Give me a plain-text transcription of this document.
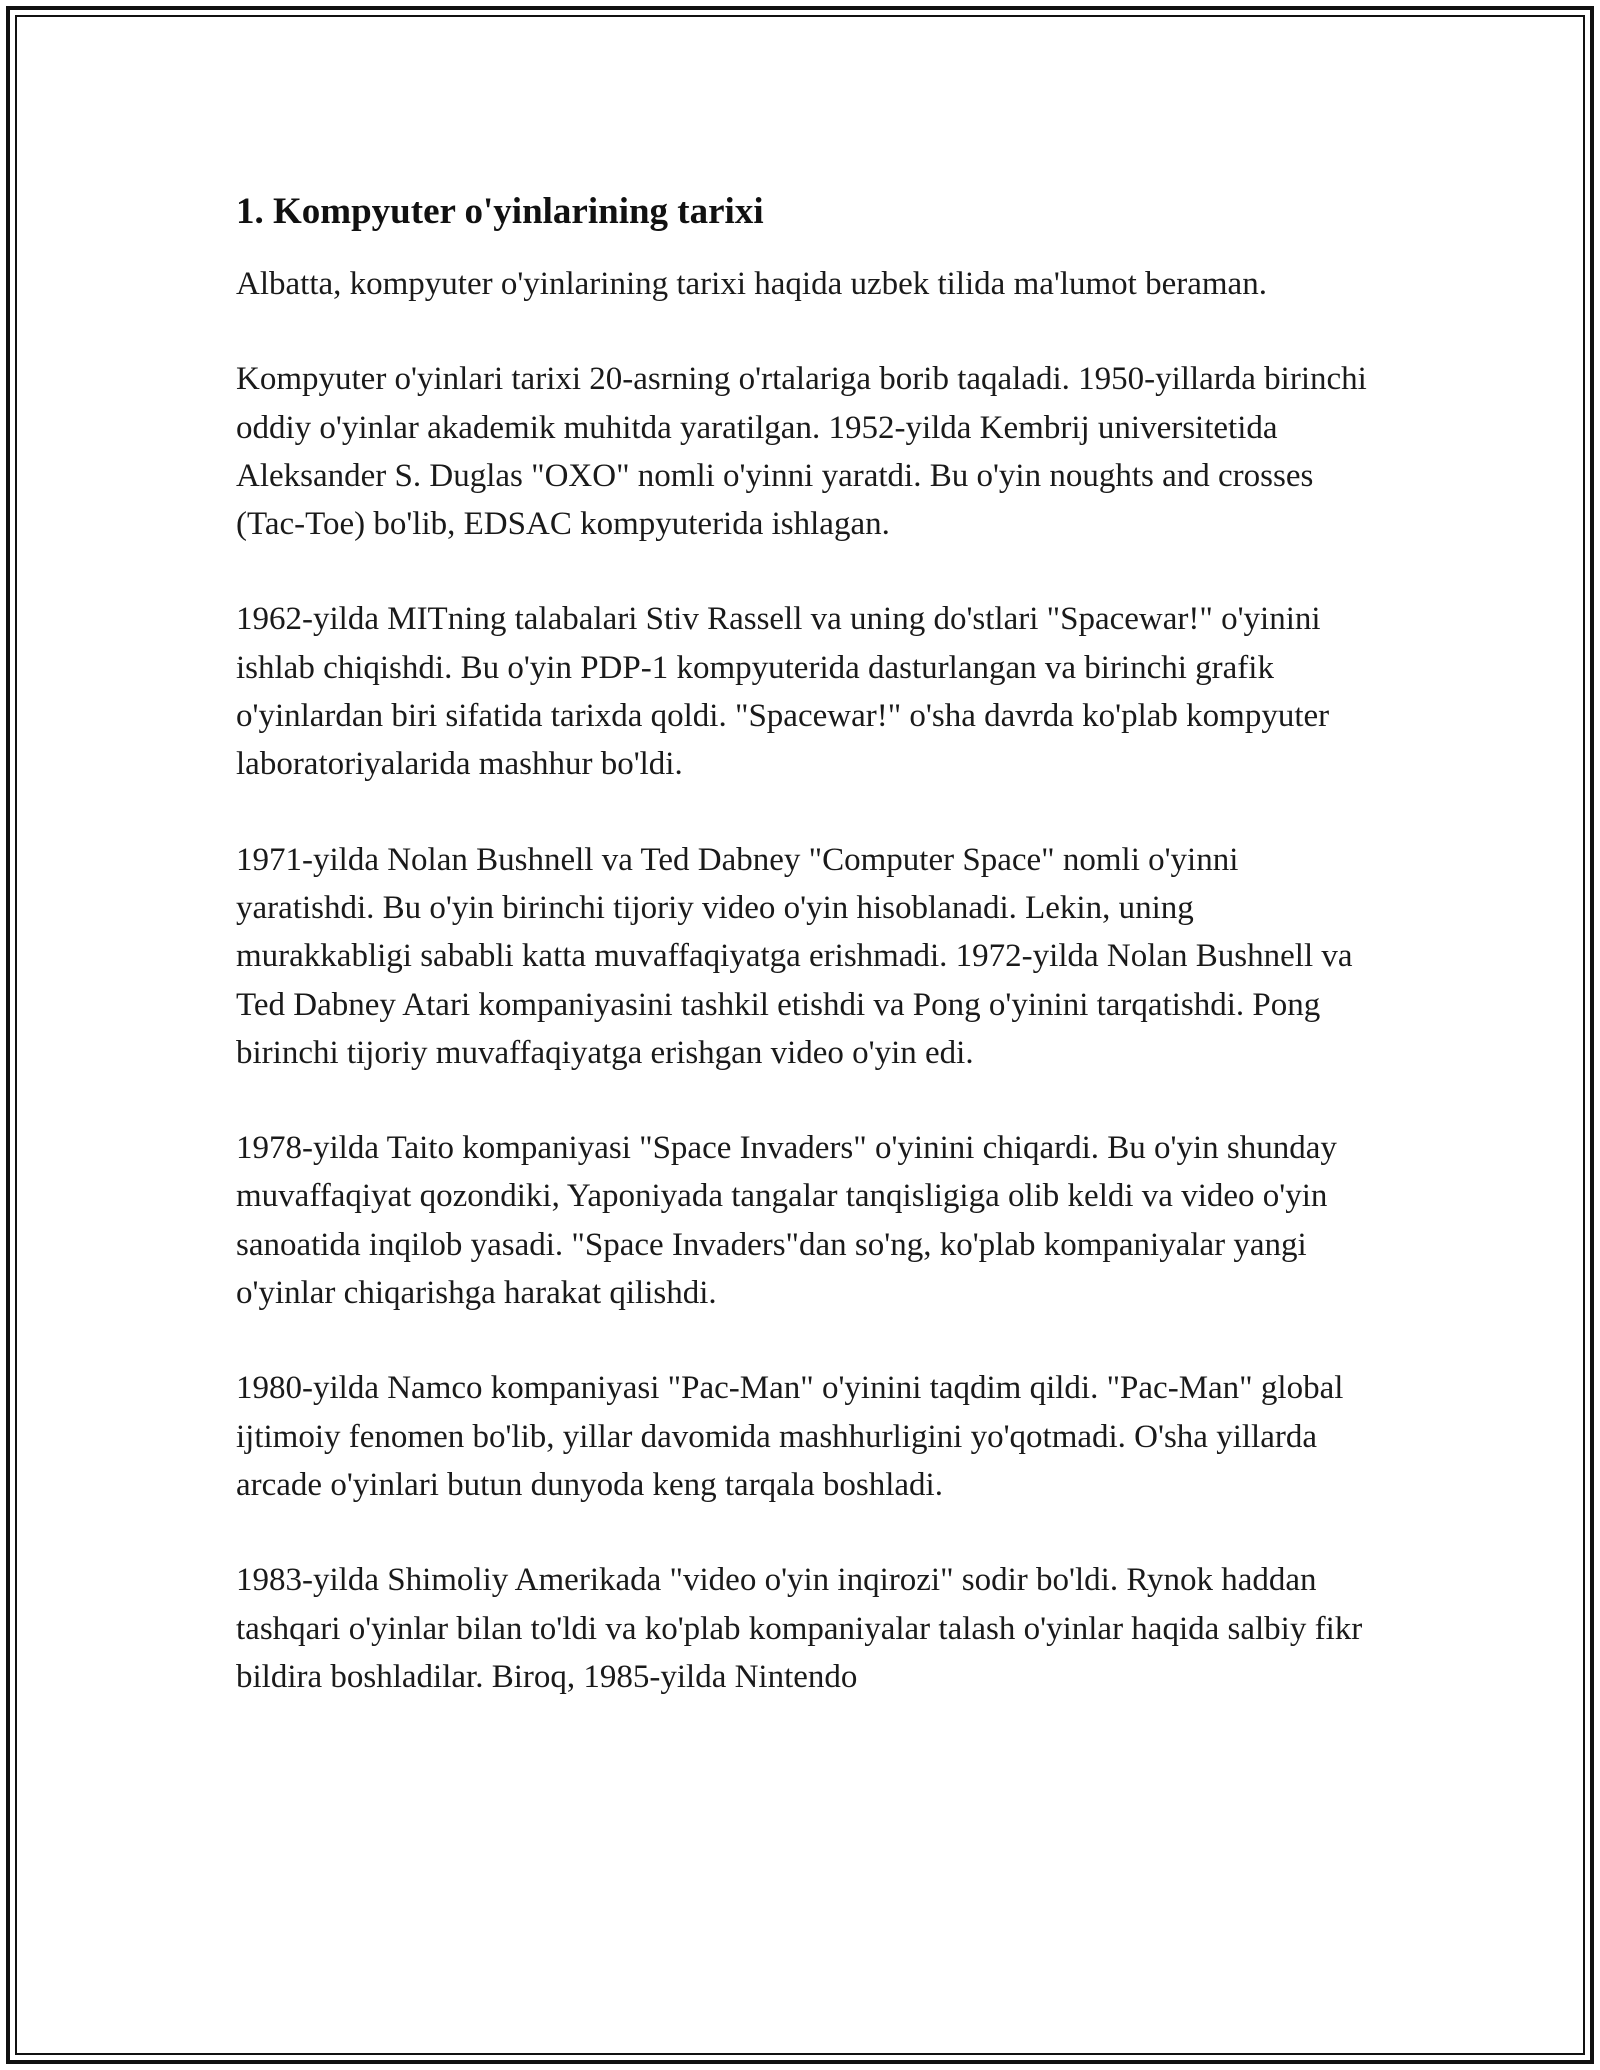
1. Kompyuter o'yinlarining tarixi

Albatta, kompyuter o'yinlarining tarixi haqida uzbek tilida ma'lumot beraman.

Kompyuter o'yinlari tarixi 20-asrning o'rtalariga borib taqaladi. 1950-yillarda birinchi oddiy o'yinlar akademik muhitda yaratilgan. 1952-yilda Kembrij universitetida Aleksander S. Duglas "OXO" nomli o'yinni yaratdi. Bu o'yin noughts and crosses (Tac-Toe) bo'lib, EDSAC kompyuterida ishlagan.

1962-yilda MITning talabalari Stiv Rassell va uning do'stlari "Spacewar!" o'yinini ishlab chiqishdi. Bu o'yin PDP-1 kompyuterida dasturlangan va birinchi grafik o'yinlardan biri sifatida tarixda qoldi. "Spacewar!" o'sha davrda ko'plab kompyuter laboratoriyalarida mashhur bo'ldi.

1971-yilda Nolan Bushnell va Ted Dabney "Computer Space" nomli o'yinni yaratishdi. Bu o'yin birinchi tijoriy video o'yin hisoblanadi. Lekin, uning murakkabligi sababli katta muvaffaqiyatga erishmadi. 1972-yilda Nolan Bushnell va Ted Dabney Atari kompaniyasini tashkil etishdi va Pong o'yinini tarqatishdi. Pong birinchi tijoriy muvaffaqiyatga erishgan video o'yin edi.

1978-yilda Taito kompaniyasi "Space Invaders" o'yinini chiqardi. Bu o'yin shunday muvaffaqiyat qozondiki, Yaponiyada tangalar tanqisligiga olib keldi va video o'yin sanoatida inqilob yasadi. "Space Invaders"dan so'ng, ko'plab kompaniyalar yangi o'yinlar chiqarishga harakat qilishdi.

1980-yilda Namco kompaniyasi "Pac-Man" o'yinini taqdim qildi. "Pac-Man" global ijtimoiy fenomen bo'lib, yillar davomida mashhurligini yo'qotmadi. O'sha yillarda arcade o'yinlari butun dunyoda keng tarqala boshladi.

1983-yilda Shimoliy Amerikada "video o'yin inqirozi" sodir bo'ldi. Rynok haddan tashqari o'yinlar bilan to'ldi va ko'plab kompaniyalar talash o'yinlar haqida salbiy fikr bildira boshladilar. Biroq, 1985-yilda Nintendo
